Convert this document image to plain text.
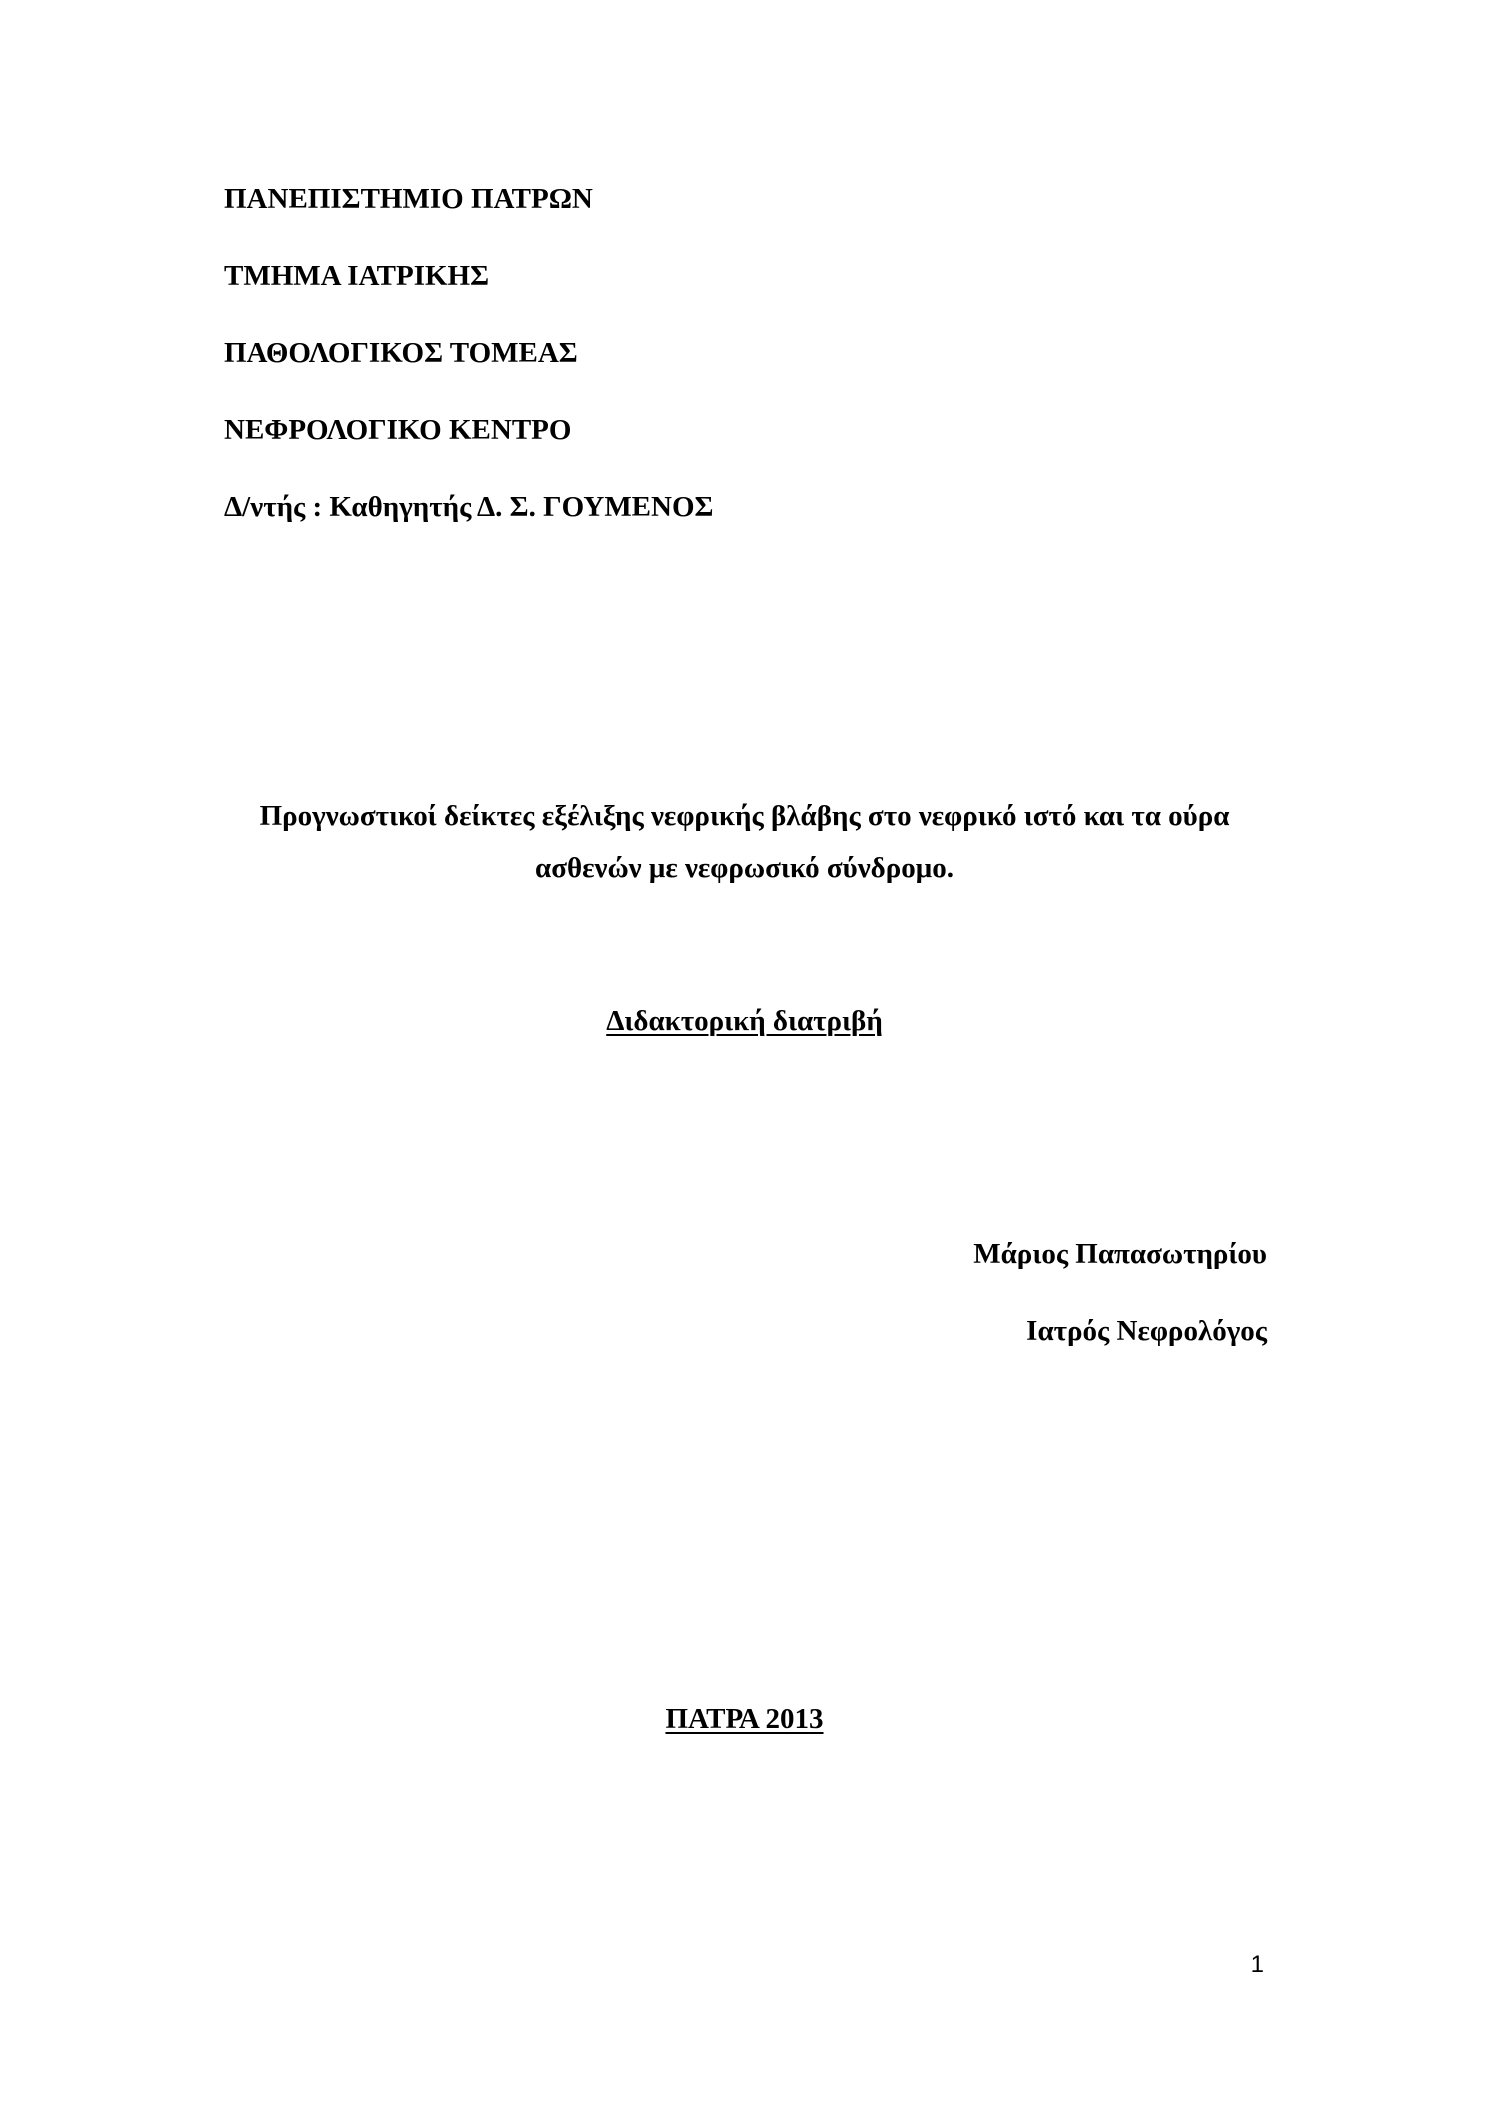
ΠΑΝΕΠΙΣΤΗΜΙΟ ΠΑΤΡΩΝ
ΤΜΗΜΑ ΙΑΤΡΙΚΗΣ
ΠΑΘΟΛΟΓΙΚΟΣ ΤΟΜΕΑΣ
ΝΕΦΡΟΛΟΓΙΚΟ ΚΕΝΤΡΟ
Δ/ντής : Καθηγητής Δ. Σ. ΓΟΥΜΕΝΟΣ
Προγνωστικοί δείκτες εξέλιξης νεφρικής βλάβης στο νεφρικό ιστό και τα ούρα
ασθενών με νεφρωσικό σύνδρομο.
Διδακτορική διατριβή
Μάριος Παπασωτηρίου
Ιατρός Νεφρολόγος
ΠΑΤΡΑ 2013
1
